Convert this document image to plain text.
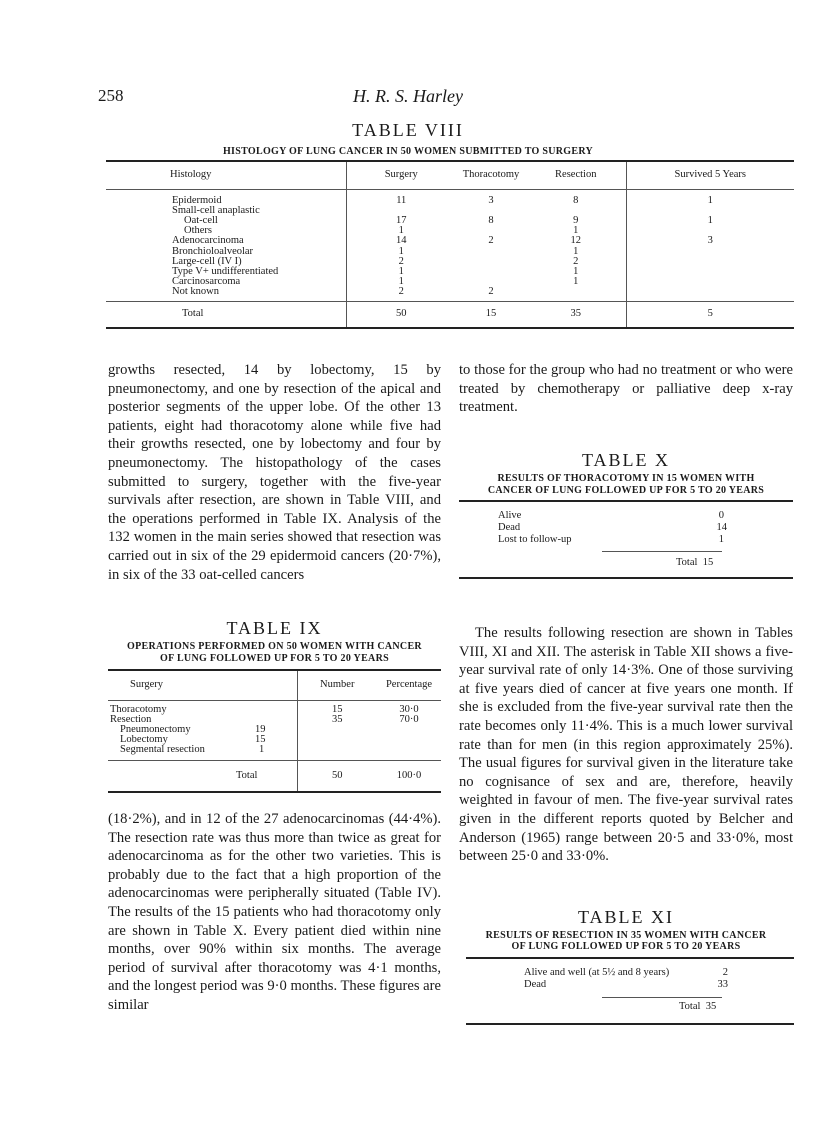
258	H. R. S. Harley
TABLE VIII
HISTOLOGY OF LUNG CANCER IN 50 WOMEN SUBMITTED TO SURGERY
Histology	Surgery	Thoracotomy	Resection	Survived 5 Years

Epidermoid	11	3	8	1
Small-cell anaplastic				
Oat-cell	17	8	9	1
Others	1		1	
Adenocarcinoma	14	2	12	3
Bronchioloalveolar	1		1	
Large-cell (IV I)	2		2	
Type V+ undifferentiated	1		1	
Carcinosarcoma	1		1	
Not known	2	2		

Total	50	15	35	5

growths resected, 14 by lobectomy, 15 by pneumonectomy, and one by resection of the apical and posterior segments of the upper lobe. Of the other 13 patients, eight had thoracotomy alone while five had their growths resected, one by lobectomy and four by pneumonectomy. The histopathology of the cases submitted to surgery, together with the five-year survivals after resection, are shown in Table VIII, and the operations performed in Table IX. Analysis of the 132 women in the main series showed that resection was carried out in six of the 29 epidermoid cancers (20·7%), in six of the 33 oat-celled cancers

to those for the group who had no treatment or who were treated by chemotherapy or palliative deep x-ray treatment.

TABLE X
RESULTS OF THORACOTOMY IN 15 WOMEN WITH
CANCER OF LUNG FOLLOWED UP FOR 5 TO 20 YEARS
Alive	0
Dead	14
Lost to follow-up	1
Total 15
TABLE IX
OPERATIONS PERFORMED ON 50 WOMEN WITH CANCER
OF LUNG FOLLOWED UP FOR 5 TO 20 YEARS
Surgery	Number	Percentage

Thoracotomy	15	30·0
Resection	35	70·0
Pneumonectomy 19		

Lobectomy 15		

Segmental resection 1		

Total	50	100·0

The results following resection are shown in Tables VIII, XI and XII. The asterisk in Table XII shows a five-year survival rate of only 14·3%. One of those surviving at five years died of cancer at five years one month. If she is excluded from the five-year survival rate then the rate becomes only 11·4%. This is a much lower survival rate than for men (in this region approximately 25%). The usual figures for survival given in the literature take no cognisance of sex and are, therefore, heavily weighted in favour of men. The five-year survival rates given in the different reports quoted by Belcher and Anderson (1965) range between 20·5 and 33·0%, most between 25·0 and 33·0%.

(18·2%), and in 12 of the 27 adenocarcinomas (44·4%). The resection rate was thus more than twice as great for adenocarcinoma as for the other two varieties. This is probably due to the fact that a high proportion of the adenocarcinomas were peripherally situated (Table IV). The results of the 15 patients who had thoracotomy only are shown in Table X. Every patient died within nine months, over 90% within six months. The average period of survival after thoracotomy was 4·1 months, and the longest period was 9·0 months. These figures are similar

TABLE XI
RESULTS OF RESECTION IN 35 WOMEN WITH CANCER
OF LUNG FOLLOWED UP FOR 5 TO 20 YEARS
Alive and well (at 5½ and 8 years)	2
Dead	33
Total 35
